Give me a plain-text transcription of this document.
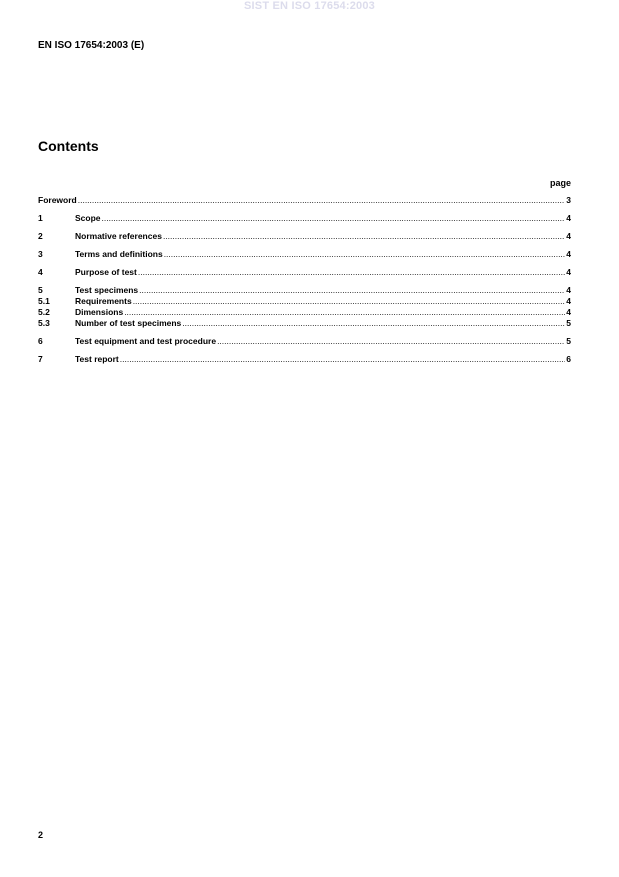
SIST EN ISO 17654:2003
EN ISO 17654:2003 (E)
Contents
page
Foreword .....	3
1	Scope .....	4
2	Normative references .....	4
3	Terms and definitions .....	4
4	Purpose of test .....	4
5	Test specimens .....	4
5.1	Requirements .....	4
5.2	Dimensions .....	4
5.3	Number of test specimens .....	5
6	Test equipment and test procedure .....	5
7	Test report .....	6
2
